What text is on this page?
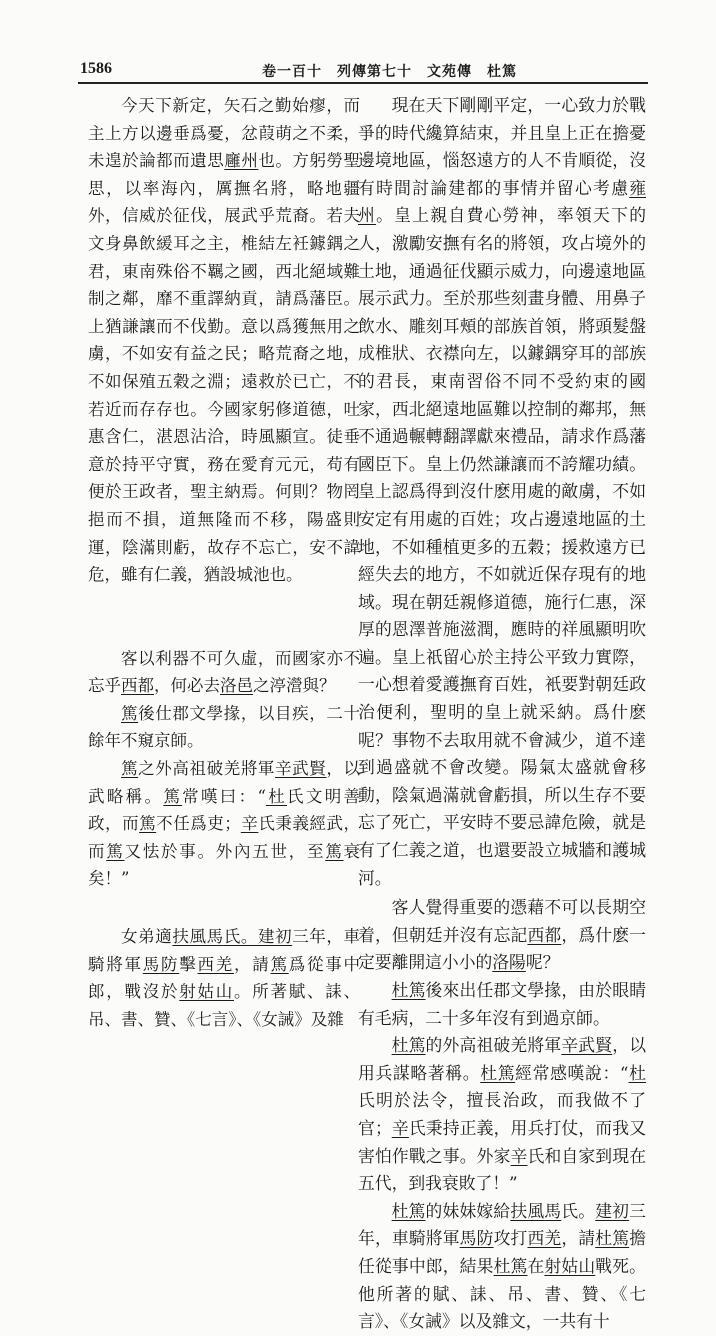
1586	卷一百十　列傳第七十　文苑傳　杜篤

今天下新定，矢石之勤始瘳，而主上方以邊垂爲憂，忿葭萌之不柔，未遑於論都而遺思廱州也。方躬勞聖思，以率海內，厲撫名將，略地疆外，信威於征伐，展武乎荒裔。若夫文身鼻飲緩耳之主，椎結左衽鐻鍝之君，東南殊俗不羈之國，西北絕域難制之鄰，靡不重譯納貢，請爲藩臣。上猶謙讓而不伐勤。意以爲獲無用之虜，不如安有益之民；略荒裔之地，不如保殖五穀之淵；遠救於已亡，不若近而存存也。今國家躬修道德，吐惠含仁，湛恩沾洽，時風顯宣。徒垂意於持平守實，務在愛育元元，苟有便於王政者，聖主納焉。何則？物罔挹而不損，道無隆而不移，陽盛則運，陰滿則虧，故存不忘亡，安不諱危，雖有仁義，猶設城池也。

客以利器不可久虛，而國家亦不忘乎西都，何必去洛邑之渟瀯與？

篤後仕郡文學掾，以目疾，二十餘年不窺京師。

篤之外高祖破羌將軍辛武賢，以武略稱。篤常嘆曰：“杜氏文明善政，而篤不任爲吏；辛氏秉義經武，而篤又怯於事。外內五世，至篤衰矣！”

女弟適扶風馬氏。建初三年，車騎將軍馬防擊西羌，請篤爲從事中郎，戰沒於射姑山。所著賦、誄、吊、書、贊、《七言》、《女誡》及雜

現在天下剛剛平定，一心致力於戰爭的時代纔算結束，并且皇上正在擔憂邊境地區，惱怒遠方的人不肯順從，沒有時間討論建都的事情并留心考慮雍州。皇上親自費心勞神，率領天下的人，激勵安撫有名的將領，攻占境外的土地，通過征伐顯示威力，向邊遠地區展示武力。至於那些刻畫身體、用鼻子飲水、雕刻耳頰的部族首領，將頭髮盤成椎狀、衣襟向左，以鐻鍝穿耳的部族的君長，東南習俗不同不受約束的國家，西北絕遠地區難以控制的鄰邦，無不通過輾轉翻譯獻來禮品，請求作爲藩國臣下。皇上仍然謙讓而不誇耀功績。皇上認爲得到沒什麽用處的敵虜，不如安定有用處的百姓；攻占邊遠地區的土地，不如種植更多的五穀；援救遠方已經失去的地方，不如就近保存現有的地域。現在朝廷親修道德，施行仁惠，深厚的恩澤普施滋潤，應時的祥風顯明吹遍。皇上祇留心於主持公平致力實際，一心想着愛護撫育百姓，衹要對朝廷政治便利，聖明的皇上就采納。爲什麽呢？事物不去取用就不會減少，道不達到過盛就不會改變。陽氣太盛就會移動，陰氣過滿就會虧損，所以生存不要忘了死亡，平安時不要忌諱危險，就是有了仁義之道，也還要設立城牆和護城河。

客人覺得重要的憑藉不可以長期空着，但朝廷并沒有忘記西都，爲什麽一定要離開這小小的洛陽呢？

杜篤後來出任郡文學掾，由於眼睛有毛病，二十多年沒有到過京師。

杜篤的外高祖破羌將軍辛武賢，以用兵謀略著稱。杜篤經常感嘆說：“杜氏明於法令，擅長治政，而我做不了官；辛氏秉持正義，用兵打仗，而我又害怕作戰之事。外家辛氏和自家到現在五代，到我衰敗了！”

杜篤的妹妹嫁給扶風馬氏。建初三年，車騎將軍馬防攻打西羌，請杜篤擔任從事中郎，結果杜篤在射姑山戰死。他所著的賦、誄、吊、書、贊、《七言》、《女誡》以及雜文，一共有十
